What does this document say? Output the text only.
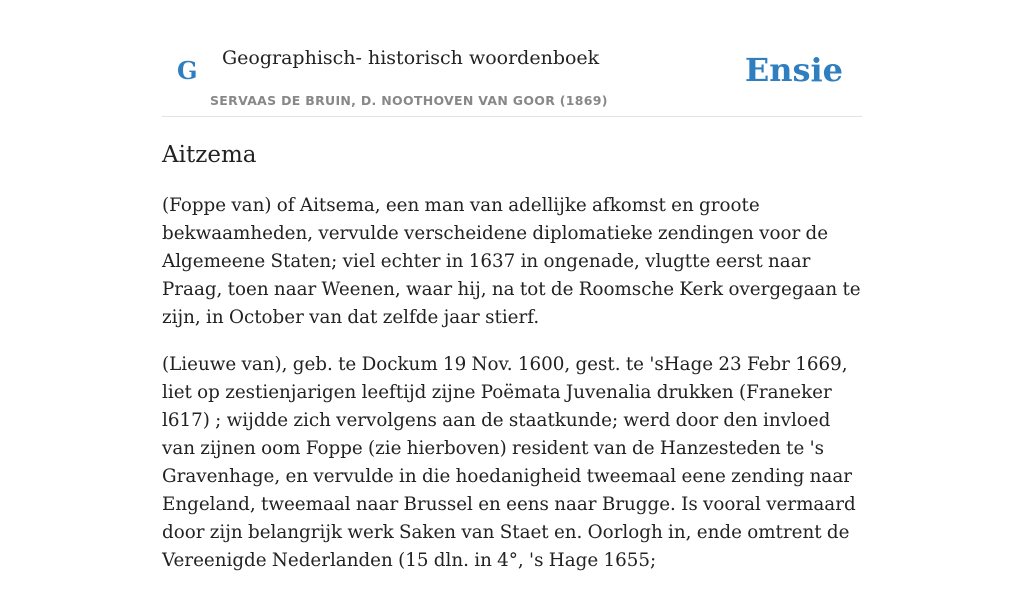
G Geographisch- historisch woordenboek
SERVAAS DE BRUIN, D. NOOTHOVEN VAN GOOR (1869)
Ensie
Aitzema

(Foppe van) of Aitsema, een man van adellijke afkomst en groote bekwaamheden, vervulde verscheidene diplomatieke zendingen voor de Algemeene Staten; viel echter in 1637 in ongenade, vlugtte eerst naar Praag, toen naar Weenen, waar hij, na tot de Roomsche Kerk overgegaan te zijn, in October van dat zelfde jaar stierf.

(Lieuwe van), geb. te Dockum 19 Nov. 1600, gest. te 'sHage 23 Febr 1669, liet op zestienjarigen leeftijd zijne Poëmata Juvenalia drukken (Franeker l617) ; wijdde zich vervolgens aan de staatkunde; werd door den invloed van zijnen oom Foppe (zie hierboven) resident van de Hanzesteden te 's Gravenhage, en vervulde in die hoedanigheid tweemaal eene zending naar Engeland, tweemaal naar Brussel en eens naar Brugge. Is vooral vermaard door zijn belangrijk werk Saken van Staet en. Oorlogh in, ende omtrent de Vereenigde Nederlanden (15 dln. in 4°, 's Hage 1655;
